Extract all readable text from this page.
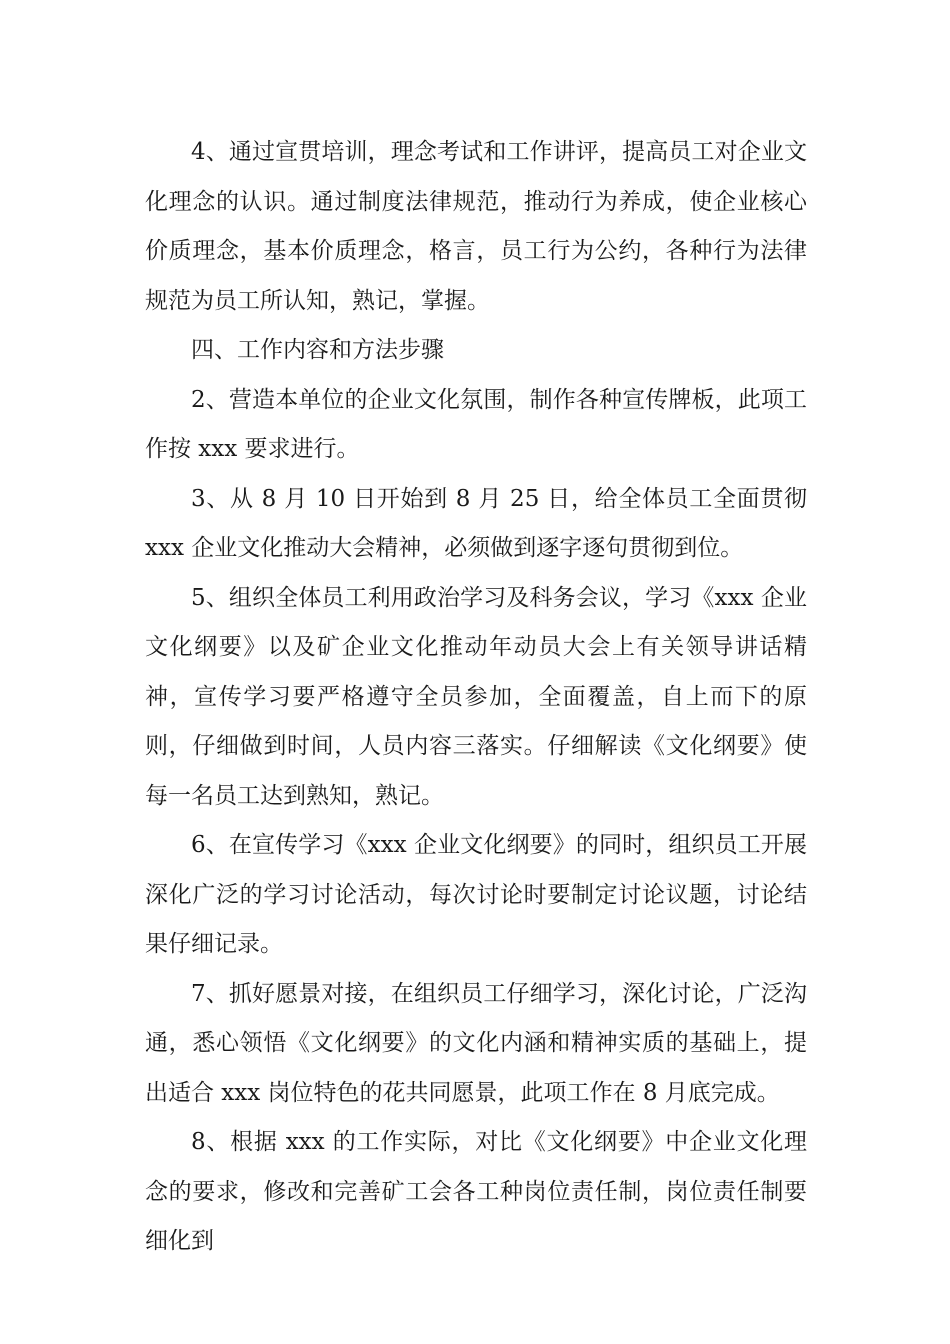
4、通过宣贯培训，理念考试和工作讲评，提高员工对企业文化理念的认识。通过制度法律规范，推动行为养成，使企业核心价质理念，基本价质理念，格言，员工行为公约，各种行为法律规范为员工所认知，熟记，掌握。

四、工作内容和方法步骤

2、营造本单位的企业文化氛围，制作各种宣传牌板，此项工作按 xxx 要求进行。

3、从 8 月 10 日开始到 8 月 25 日，给全体员工全面贯彻 xxx 企业文化推动大会精神，必须做到逐字逐句贯彻到位。

5、组织全体员工利用政治学习及科务会议，学习《xxx 企业文化纲要》以及矿企业文化推动年动员大会上有关领导讲话精神，宣传学习要严格遵守全员参加，全面覆盖，自上而下的原则，仔细做到时间，人员内容三落实。仔细解读《文化纲要》使每一名员工达到熟知，熟记。

6、在宣传学习《xxx 企业文化纲要》的同时，组织员工开展深化广泛的学习讨论活动，每次讨论时要制定讨论议题，讨论结果仔细记录。

7、抓好愿景对接，在组织员工仔细学习，深化讨论，广泛沟通，悉心领悟《文化纲要》的文化内涵和精神实质的基础上，提出适合 xxx 岗位特色的花共同愿景，此项工作在 8 月底完成。

8、根据 xxx 的工作实际，对比《文化纲要》中企业文化理念的要求，修改和完善矿工会各工种岗位责任制，岗位责任制要细化到
